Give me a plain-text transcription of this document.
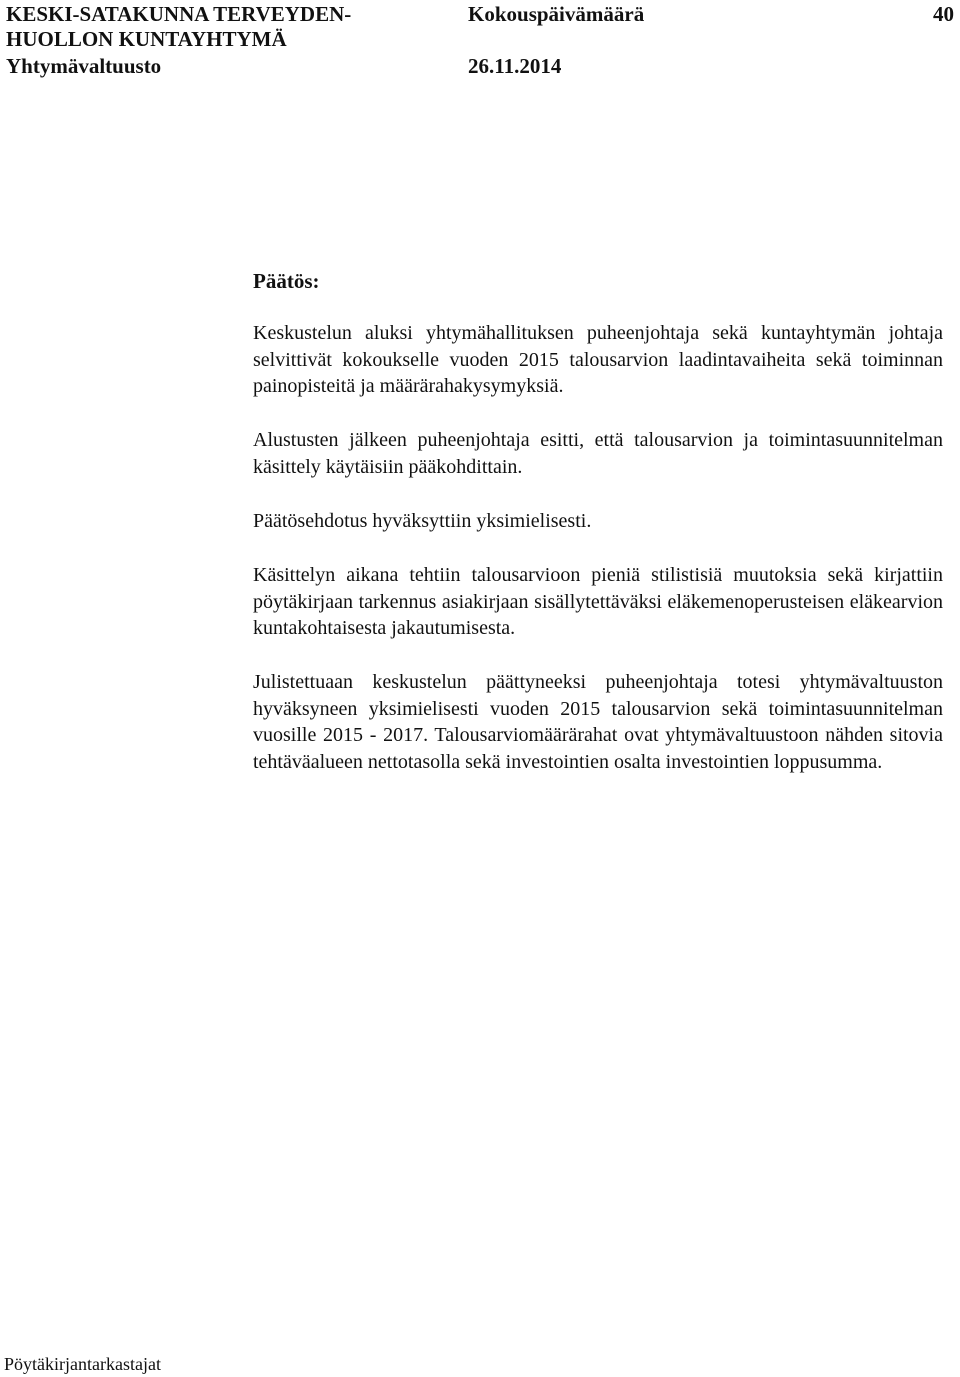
KESKI-SATAKUNNA TERVEYDEN-
HUOLLON KUNTAYHTYMÄ
Yhtymävaltuusto
Kokouspäivämäärä
26.11.2014
40
Päätös:

Keskustelun aluksi yhtymähallituksen puheenjohtaja sekä kuntayhtymän johtaja selvittivät kokoukselle vuoden 2015 talousarvion laadintavaiheita sekä toiminnan painopisteitä ja määrärahakysymyksiä.

Alustusten jälkeen puheenjohtaja esitti, että talousarvion ja toimintasuunnitelman käsittely käytäisiin pääkohdittain.

Päätösehdotus hyväksyttiin yksimielisesti.

Käsittelyn aikana tehtiin talousarvioon pieniä stilistisiä muutoksia sekä kirjattiin pöytäkirjaan tarkennus asiakirjaan sisällytettäväksi eläkemenoperusteisen eläkearvion kuntakohtaisesta jakautumisesta.

Julistettuaan keskustelun päättyneeksi puheenjohtaja totesi yhtymävaltuuston hyväksyneen yksimielisesti vuoden 2015 talousarvion sekä toimintasuunnitelman vuosille 2015 - 2017. Talousarviomäärärahat ovat yhtymävaltuustoon nähden sitovia tehtäväalueen nettotasolla sekä investointien osalta investointien loppusumma.

Pöytäkirjantarkastajat
